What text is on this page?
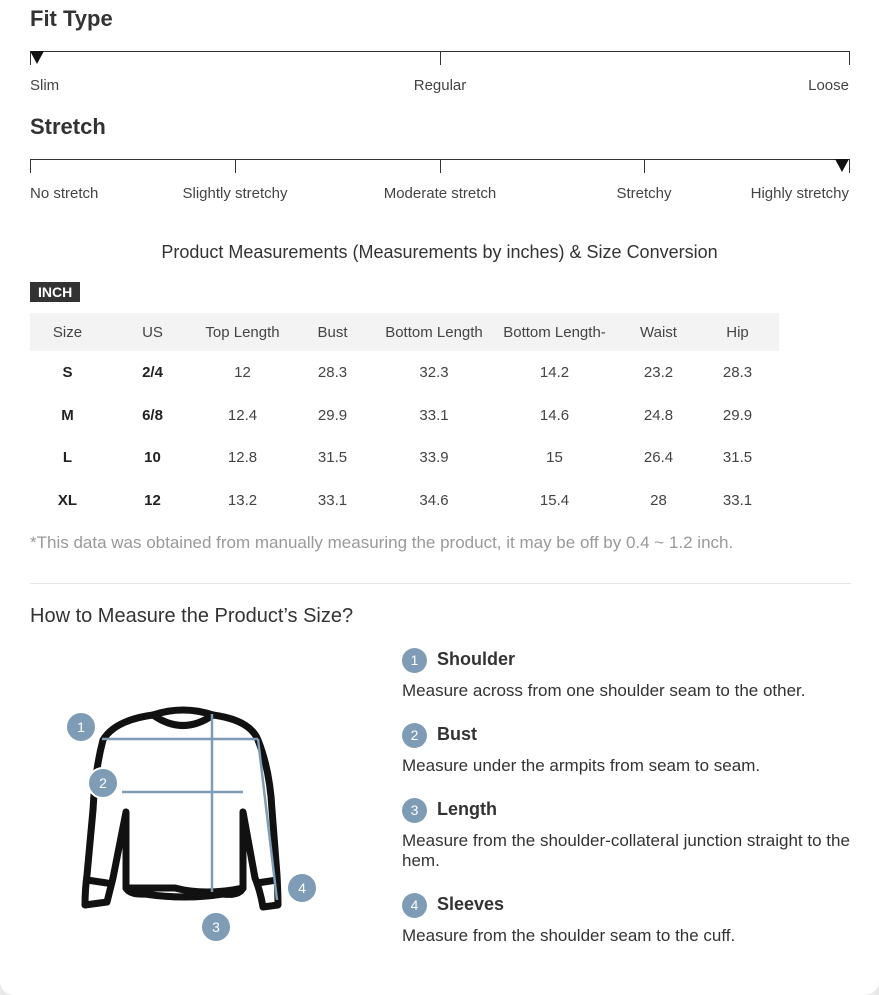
Fit Type
Slim	Regular	Loose
Stretch
No stretch	Slightly stretchy	Moderate stretch	Stretchy	Highly stretchy
Product Measurements (Measurements by inches) & Size Conversion
INCH
Size	US	Top Length	Bust	Bottom Length	Bottom Length-	Waist	Hip
S	2/4	12	28.3	32.3	14.2	23.2	28.3
M	6/8	12.4	29.9	33.1	14.6	24.8	29.9
L	10	12.8	31.5	33.9	15	26.4	31.5
XL	12	13.2	33.1	34.6	15.4	28	33.1
*This data was obtained from manually measuring the product, it may be off by 0.4 ~ 1.2 inch.
How to Measure the Product’s Size?
1
2
3
4
1	Shoulder
Measure across from one shoulder seam to the other.
2	Bust
Measure under the armpits from seam to seam.
3	Length
Measure from the shoulder-collateral junction straight to the hem.
4	Sleeves
Measure from the shoulder seam to the cuff.
